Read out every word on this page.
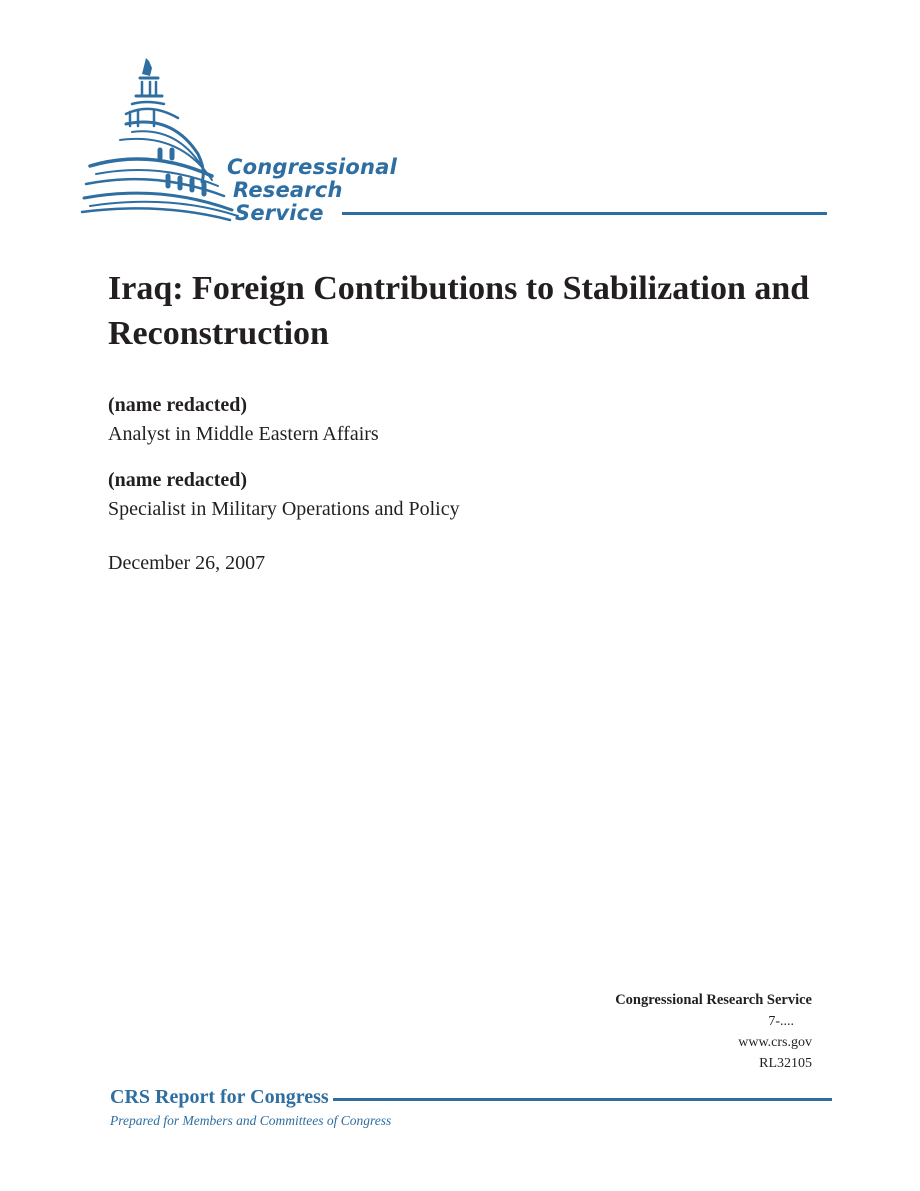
Congressional
Research
Service
Iraq: Foreign Contributions to Stabilization and Reconstruction
(name redacted)
Analyst in Middle Eastern Affairs
(name redacted)
Specialist in Military Operations and Policy
December 26, 2007
Congressional Research Service
7-....
www.crs.gov
RL32105
CRS Report for Congress
Prepared for Members and Committees of Congress
